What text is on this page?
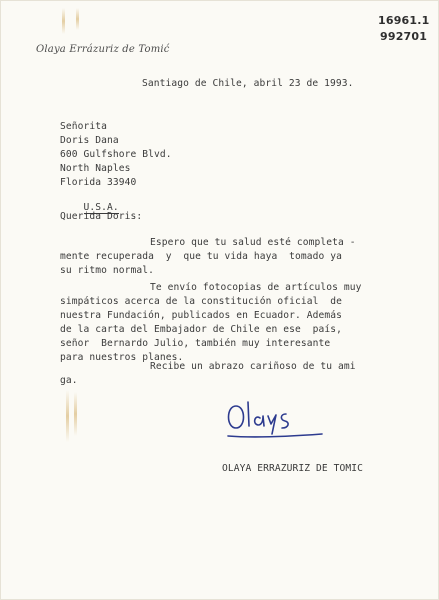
Olaya Errázuriz de Tomić
16961.1
992701
Santiago de Chile, abril 23 de 1993.
Señorita
Doris Dana
600 Gulfshore Blvd.
North Naples
Florida 33940

U.S.A.

Querida Doris:
Espero que tu salud esté completa -
mente recuperada  y  que tu vida haya  tomado ya
su ritmo normal.
Te envío fotocopias de artículos muy
simpáticos acerca de la constitución oficial  de
nuestra Fundación, publicados en Ecuador. Además
de la carta del Embajador de Chile en ese  país,
señor  Bernardo Julio, también muy interesante
para nuestros planes.
Recibe un abrazo cariñoso de tu ami
ga.
OLAYA ERRAZURIZ DE TOMIC
